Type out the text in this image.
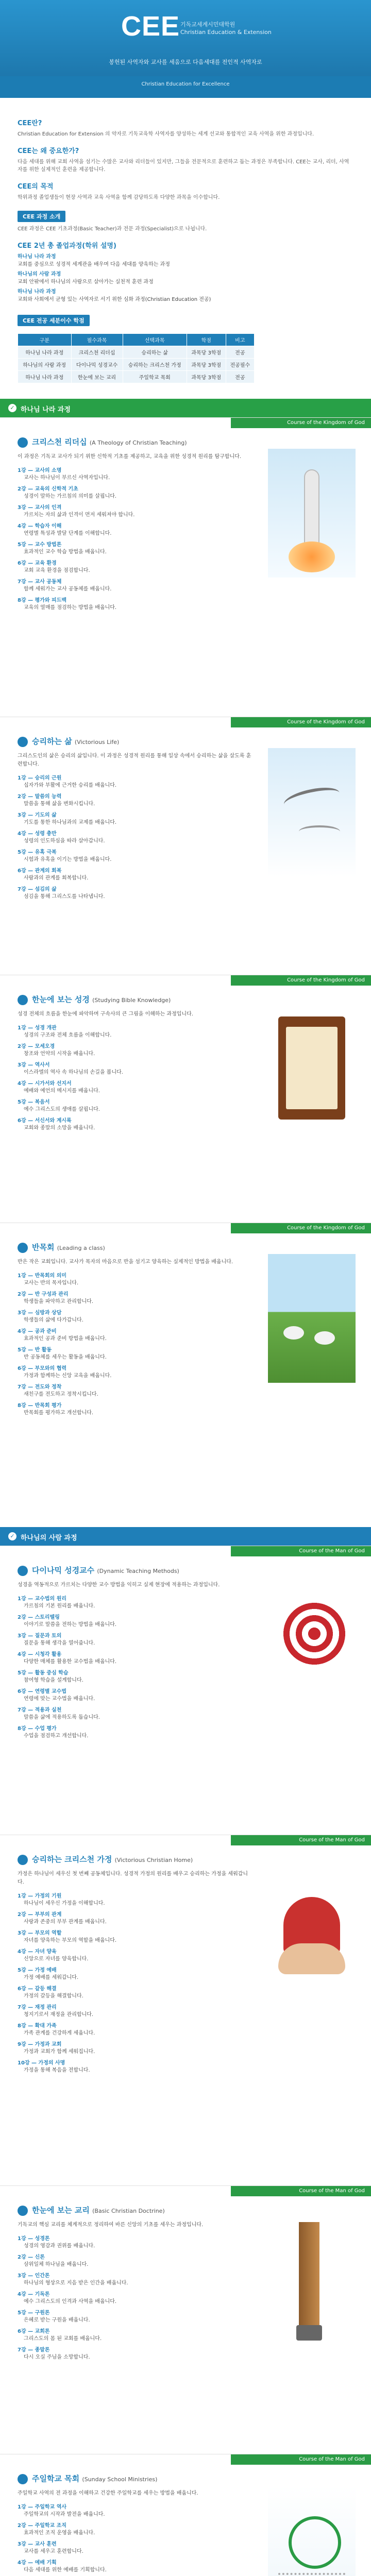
CEE 기독교세계시민대학원
Christian Education & Extension
봉헌된 사역자와 교사를 세움으로 다음세대를 전인적 사역자로
Christian Education for Excellence
CEE란?
Christian Education for Extension 의 약자로 기독교육학 사역자를 양성하는 세계 선교와 통합적인 교육 사역을 위한 과정입니다.
CEE는 왜 중요한가?
다음 세대를 위해 교회 사역을 섬기는 수많은 교사와 리더들이 있지만, 그들을 전문적으로 훈련하고 돕는 과정은 부족합니다. CEE는 교사, 리더, 사역자를 위한 실제적인 훈련을 제공합니다.
CEE의 목적
학위과정 졸업생들이 현장 사역과 교육 사역을 함께 감당하도록 다양한 과목을 이수합니다.
CEE 과정 소개
CEE 과정은 CEE 기초과정(Basic Teacher)과 전문 과정(Specialist)으로 나뉩니다.
CEE 2년 총 졸업과정(학위 설명)
하나님 나라 과정
교회를 중심으로 성경적 세계관을 배우며 다음 세대를 양육하는 과정
하나님의 사람 과정
교회 안팎에서 하나님의 사람으로 살아가는 실천적 훈련 과정
하나님 나라 과정
교회와 사회에서 균형 있는 사역자로 서기 위한 심화 과정(Christian Education 전공)
CEE 전공 세분이수 학점
구분	필수과목	선택과목	학점	비고
하나님 나라 과정	크리스천 리더십	승리하는 삶	과목당 3학점	전공
하나님의 사람 과정	다이나믹 성경교수	승리하는 크리스천 가정	과목당 3학점	전공필수
하나님 나라 과정	한눈에 보는 교리	주일학교 목회	과목당 3학점	전공
✓ 하나님 나라 과정
Course of the Kingdom of God
크리스천 리더십 (A Theology of Christian Teaching)

이 과정은 기독교 교사가 되기 위한 신학적 기초를 제공하고, 교육을 위한 성경적 원리를 탐구합니다.

1강 — 교사의 소명
교사는 하나님이 부르신 사역자입니다.
2강 — 교육의 신학적 기초
성경이 말하는 가르침의 의미를 살핍니다.
3강 — 교사의 인격
가르치는 자의 삶과 인격이 먼저 세워져야 합니다.
4강 — 학습자 이해
연령별 특성과 발달 단계를 이해합니다.
5강 — 교수 방법론
효과적인 교수 학습 방법을 배웁니다.
6강 — 교육 환경
교회 교육 환경을 점검합니다.
7강 — 교사 공동체
함께 세워가는 교사 공동체를 배웁니다.
8강 — 평가와 피드백
교육의 열매를 점검하는 방법을 배웁니다.
Course of the Kingdom of God
승리하는 삶 (Victorious Life)

그리스도인의 삶은 승리의 삶입니다. 이 과정은 성경적 원리를 통해 일상 속에서 승리하는 삶을 살도록 훈련합니다.

1강 — 승리의 근원
십자가와 부활에 근거한 승리를 배웁니다.
2강 — 말씀의 능력
말씀을 통해 삶을 변화시킵니다.
3강 — 기도의 삶
기도를 통한 하나님과의 교제를 배웁니다.
4강 — 성령 충만
성령의 인도하심을 따라 살아갑니다.
5강 — 유혹 극복
시험과 유혹을 이기는 방법을 배웁니다.
6강 — 관계의 회복
사람과의 관계를 회복합니다.
7강 — 섬김의 삶
섬김을 통해 그리스도를 나타냅니다.
Course of the Kingdom of God
한눈에 보는 성경 (Studying Bible Knowledge)

성경 전체의 흐름을 한눈에 파악하며 구속사의 큰 그림을 이해하는 과정입니다.

1강 — 성경 개관
성경의 구조와 전체 흐름을 이해합니다.
2강 — 모세오경
창조와 언약의 시작을 배웁니다.
3강 — 역사서
이스라엘의 역사 속 하나님의 손길을 봅니다.
4강 — 시가서와 선지서
예배와 예언의 메시지를 배웁니다.
5강 — 복음서
예수 그리스도의 생애를 살핍니다.
6강 — 서신서와 계시록
교회와 종말의 소망을 배웁니다.
Course of the Kingdom of God
반목회 (Leading a class)

반은 작은 교회입니다. 교사가 목자의 마음으로 반을 섬기고 양육하는 실제적인 방법을 배웁니다.

1강 — 반목회의 의미
교사는 반의 목자입니다.
2강 — 반 구성과 관리
학생들을 파악하고 관리합니다.
3강 — 심방과 상담
학생들의 삶에 다가갑니다.
4강 — 공과 준비
효과적인 공과 준비 방법을 배웁니다.
5강 — 반 활동
반 공동체를 세우는 활동을 배웁니다.
6강 — 부모와의 협력
가정과 함께하는 신앙 교육을 배웁니다.
7강 — 전도와 정착
새친구를 전도하고 정착시킵니다.
8강 — 반목회 평가
반목회를 평가하고 개선합니다.
✓ 하나님의 사람 과정
Course of the Man of God
다이나믹 성경교수 (Dynamic Teaching Methods)

성경을 역동적으로 가르치는 다양한 교수 방법을 익히고 실제 현장에 적용하는 과정입니다.

1강 — 교수법의 원리
가르침의 기본 원리를 배웁니다.
2강 — 스토리텔링
이야기로 말씀을 전하는 방법을 배웁니다.
3강 — 질문과 토의
질문을 통해 생각을 열어줍니다.
4강 — 시청각 활용
다양한 매체를 활용한 교수법을 배웁니다.
5강 — 활동 중심 학습
참여형 학습을 설계합니다.
6강 — 연령별 교수법
연령에 맞는 교수법을 배웁니다.
7강 — 적용과 실천
말씀을 삶에 적용하도록 돕습니다.
8강 — 수업 평가
수업을 점검하고 개선합니다.
Course of the Man of God
승리하는 크리스천 가정 (Victorious Christian Home)

가정은 하나님이 세우신 첫 번째 공동체입니다. 성경적 가정의 원리를 배우고 승리하는 가정을 세워갑니다.

1강 — 가정의 기원
하나님이 세우신 가정을 이해합니다.
2강 — 부부의 관계
사랑과 존중의 부부 관계를 배웁니다.
3강 — 부모의 역할
자녀를 양육하는 부모의 역할을 배웁니다.
4강 — 자녀 양육
신앙으로 자녀를 양육합니다.
5강 — 가정 예배
가정 예배를 세워갑니다.
6강 — 갈등 해결
가정의 갈등을 해결합니다.
7강 — 재정 관리
청지기로서 재정을 관리합니다.
8강 — 확대 가족
가족 관계를 건강하게 세웁니다.
9강 — 가정과 교회
가정과 교회가 함께 세워집니다.
10강 — 가정의 사명
가정을 통해 복음을 전합니다.
Course of the Man of God
한눈에 보는 교리 (Basic Christian Doctrine)

기독교의 핵심 교리를 체계적으로 정리하여 바른 신앙의 기초를 세우는 과정입니다.

1강 — 성경론
성경의 영감과 권위를 배웁니다.
2강 — 신론
삼위일체 하나님을 배웁니다.
3강 — 인간론
하나님의 형상으로 지음 받은 인간을 배웁니다.
4강 — 기독론
예수 그리스도의 인격과 사역을 배웁니다.
5강 — 구원론
은혜로 받는 구원을 배웁니다.
6강 — 교회론
그리스도의 몸 된 교회를 배웁니다.
7강 — 종말론
다시 오실 주님을 소망합니다.
Course of the Man of God
주일학교 목회 (Sunday School Ministries)

주일학교 사역의 전 과정을 이해하고 건강한 주일학교를 세우는 방법을 배웁니다.

1강 — 주일학교 역사
주일학교의 시작과 발전을 배웁니다.
2강 — 주일학교 조직
효과적인 조직 운영을 배웁니다.
3강 — 교사 훈련
교사를 세우고 훈련합니다.
4강 — 예배 기획
다음 세대를 위한 예배를 기획합니다.
